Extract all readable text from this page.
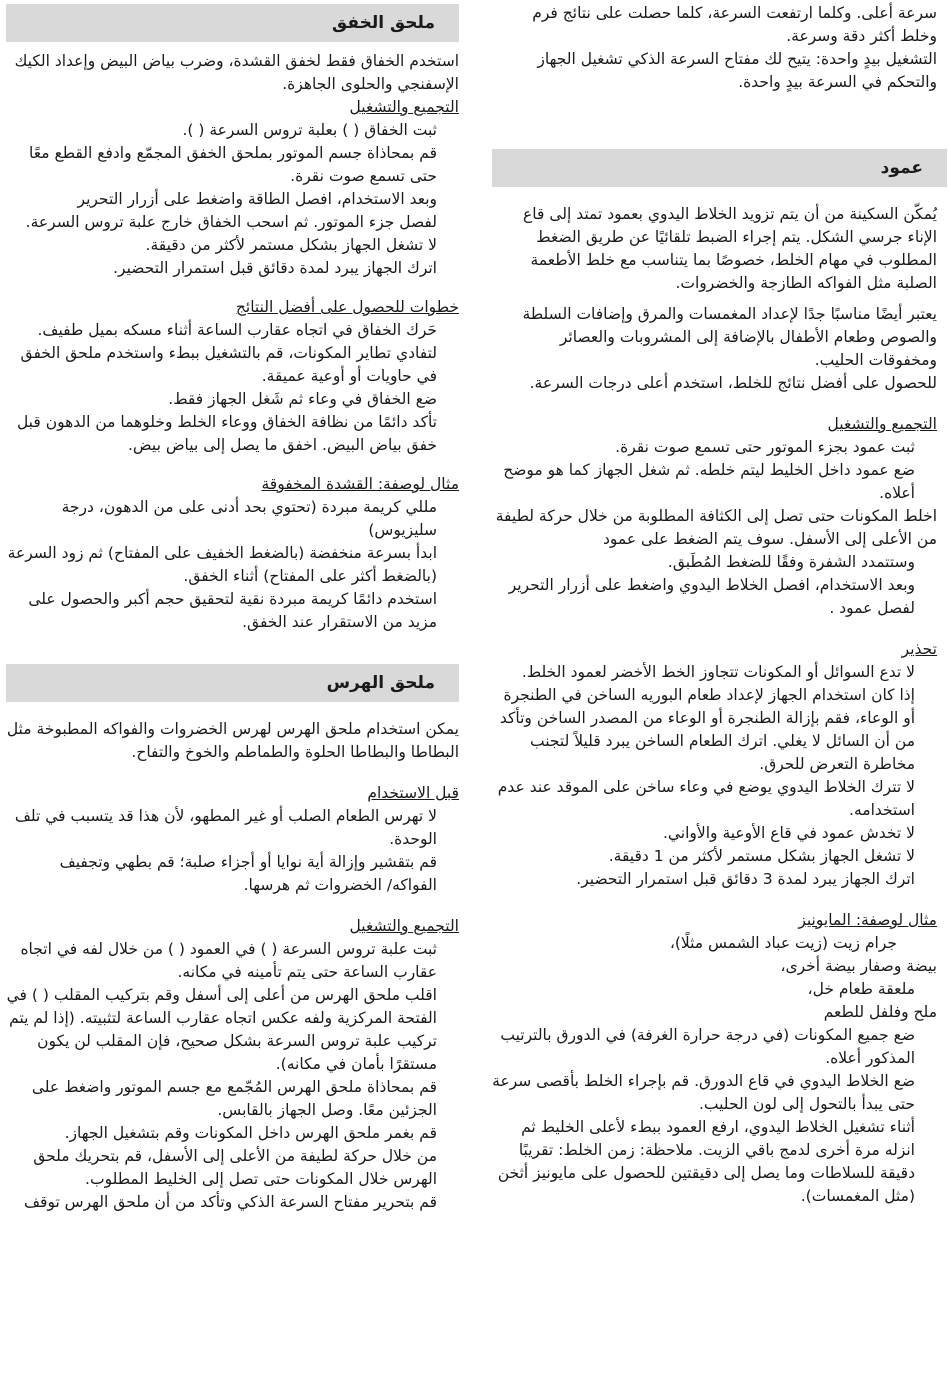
سرعة أعلى. وكلما ارتفعت السرعة، كلما حصلت على نتائج فرم وخلط أكثر دقة وسرعة.

التشغيل بيدٍ واحدة: يتيح لك مفتاح السرعة الذكي تشغيل الجهاز والتحكم في السرعة بيدٍ واحدة.

عمود

يُمكّن السكينة من أن يتم تزويد الخلاط اليدوي بعمود تمتد إلى قاع الإناء جرسي الشكل. يتم إجراء الضبط تلقائيًا عن طريق الضغط المطلوب في مهام الخلط، خصوصًا بما يتناسب مع خلط الأطعمة الصلبة مثل الفواكه الطازجة والخضروات.

يعتبر أيضًا مناسبًا جدًا لإعداد المغمسات والمرق وإضافات السلطة والصوص وطعام الأطفال بالإضافة إلى المشروبات والعصائر ومخفوقات الحليب.

للحصول على أفضل نتائج للخلط، استخدم أعلى درجات السرعة.

التجميع والتشغيل

ثبت عمود بجزء الموتور حتى تسمع صوت نقرة.

ضع عمود داخل الخليط ليتم خلطه. ثم شغل الجهاز كما هو موضح أعلاه.

اخلط المكونات حتى تصل إلى الكثافة المطلوبة من خلال حركة لطيفة من الأعلى إلى الأسفل. سوف يتم الضغط على عمود

وستتمدد الشفرة وفقًا للضغط المُطَبق.

وبعد الاستخدام، افصل الخلاط اليدوي واضغط على أزرار التحرير لفصل عمود .

تحذير

لا تدع السوائل أو المكونات تتجاوز الخط الأخضر لعمود الخلط.

إذا كان استخدام الجهاز لإعداد طعام البوريه الساخن في الطنجرة أو الوعاء، فقم بإزالة الطنجرة أو الوعاء من المصدر الساخن وتأكد من أن السائل لا يغلي. اترك الطعام الساخن يبرد قليلاً لتجنب مخاطرة التعرض للحرق.

لا تترك الخلاط اليدوي يوضع في وعاء ساخن على الموقد عند عدم استخدامه.

لا تخدش عمود في قاع الأوعية والأواني.

لا تشغل الجهاز بشكل مستمر لأكثر من 1 دقيقة.

اترك الجهاز يبرد لمدة 3 دقائق قبل استمرار التحضير.

مثال لوصفة: المايونيز

جرام زيت (زيت عباد الشمس مثلًا)،

بيضة وصفار بيضة أخرى،

ملعقة طعام خل،

ملح وفلفل للطعم

ضع جميع المكونات (في درجة حرارة الغرفة) في الدورق بالترتيب المذكور أعلاه.

ضع الخلاط اليدوي في قاع الدورق. قم بإجراء الخلط بأقصى سرعة حتى يبدأ بالتحول إلى لون الحليب.

أثناء تشغيل الخلاط اليدوي، ارفع العمود ببطء لأعلى الخليط ثم انزله مرة أخرى لدمج باقي الزيت. ملاحظة: زمن الخلط: تقريبًا دقيقة للسلاطات وما يصل إلى دقيقتين للحصول على مايونيز أثخن (مثل المغمسات).

ملحق الخفق

استخدم الخفاق فقط لخفق القشدة، وضرب بياض البيض وإعداد الكيك الإسفنجي والحلوى الجاهزة.

التجميع والتشغيل

ثبت الخفاق ( ) بعلبة تروس السرعة ( ).

قم بمحاذاة جسم الموتور بملحق الخفق المجمّع وادفع القطع معًا حتى تسمع صوت نقرة.

وبعد الاستخدام، افصل الطاقة واضغط على أزرار التحرير

لفصل جزء الموتور. ثم اسحب الخفاق خارج علبة تروس السرعة.

لا تشغل الجهاز بشكل مستمر لأكثر من دقيقة.

اترك الجهاز يبرد لمدة دقائق قبل استمرار التحضير.

خطوات للحصول على أفضل النتائج

حَرك الخفاق في اتجاه عقارب الساعة أثناء مسكه بميل طفيف.

لتفادي تطاير المكونات، قم بالتشغيل ببطء واستخدم ملحق الخفق في حاويات أو أوعية عميقة.

ضع الخفاق في وعاء ثم شَغل الجهاز فقط.

تأكد دائمًا من نظافة الخفاق ووعاء الخلط وخلوهما من الدهون قبل خفق بياض البيض. اخفق ما يصل إلى بياض بيض.

مثال لوصفة: القشدة المخفوقة

مللي كريمة مبردة (تحتوي بحد أدنى على من الدهون، درجة سليزيوس)

ابدأ بسرعة منخفضة (بالضغط الخفيف على المفتاح) ثم زود السرعة (بالضغط أكثر على المفتاح) أثناء الخفق.

استخدم دائمًا كريمة مبردة نقية لتحقيق حجم أكبر والحصول على مزيد من الاستقرار عند الخفق.

ملحق الهرس

يمكن استخدام ملحق الهرس لهرس الخضروات والفواكه المطبوخة مثل البطاطا والبطاطا الحلوة والطماطم والخوخ والتفاح.

قبل الاستخدام

لا تهرس الطعام الصلب أو غير المطهو، لأن هذا قد يتسبب في تلف الوحدة.

قم بتقشير وإزالة أية نوايا أو أجزاء صلبة؛ قم بطهي وتجفيف الفواكه/ الخضروات ثم هرسها.

التجميع والتشغيل

ثبت علبة تروس السرعة ( ) في العمود ( ) من خلال لفه في اتجاه عقارب الساعة حتى يتم تأمينه في مكانه.

اقلب ملحق الهرس من أعلى إلى أسفل وقم بتركيب المقلب ( ) في الفتحة المركزية ولفه عكس اتجاه عقارب الساعة لتثبيته. (إذا لم يتم تركيب علبة تروس السرعة بشكل صحيح، فإن المقلب لن يكون مستقرًا بأمان في مكانه).

قم بمحاذاة ملحق الهرس المُجّمع مع جسم الموتور واضغط على الجزئين معًا. وصل الجهاز بالقابس.

قم بغمر ملحق الهرس داخل المكونات وقم بتشغيل الجهاز.

من خلال حركة لطيفة من الأعلى إلى الأسفل، قم بتحريك ملحق الهرس خلال المكونات حتى تصل إلى الخليط المطلوب.

قم بتحرير مفتاح السرعة الذكي وتأكد من أن ملحق الهرس توقف
